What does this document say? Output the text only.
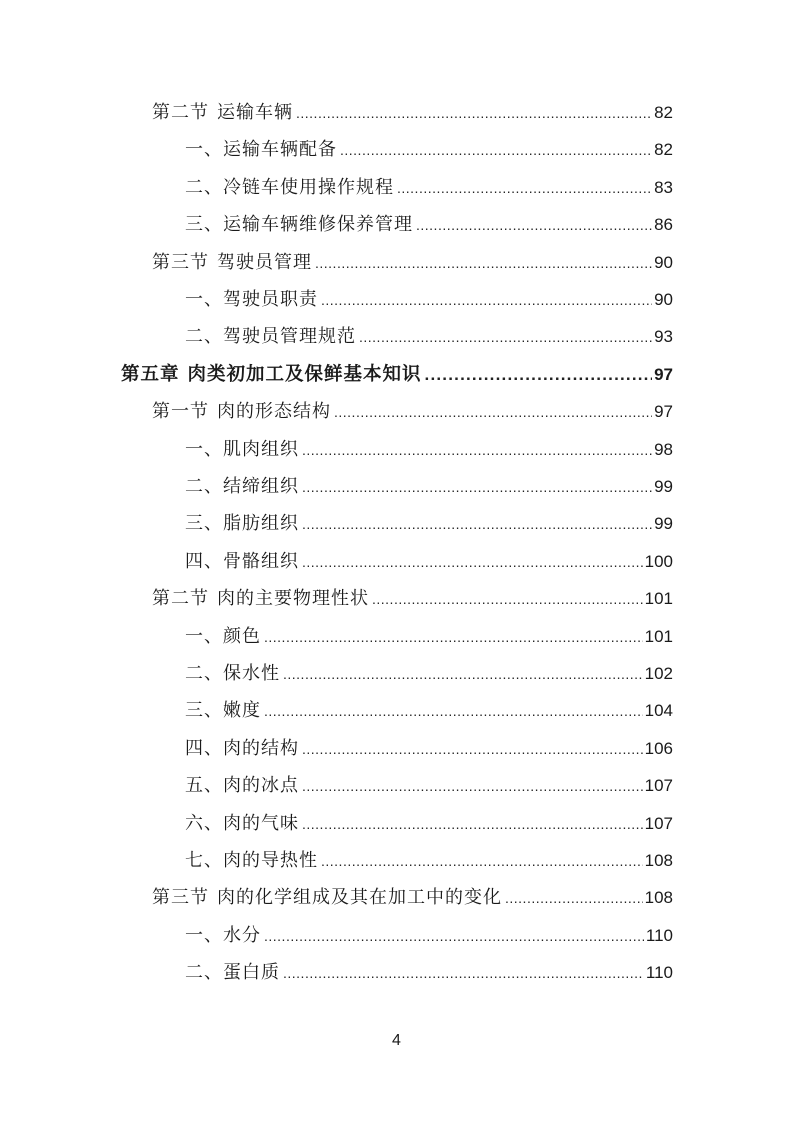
第二节 运输车辆 .....	82
一、运输车辆配备 .....	82
二、冷链车使用操作规程 .....	83
三、运输车辆维修保养管理 .....	86
第三节 驾驶员管理 .....	90
一、驾驶员职责 .....	90
二、驾驶员管理规范 .....	93
第五章 肉类初加工及保鲜基本知识 .....	97
第一节 肉的形态结构 .....	97
一、肌肉组织 .....	98
二、结缔组织 .....	99
三、脂肪组织 .....	99
四、骨骼组织 .....	100
第二节 肉的主要物理性状 .....	101
一、颜色 .....	101
二、保水性 .....	102
三、嫩度 .....	104
四、肉的结构 .....	106
五、肉的冰点 .....	107
六、肉的气味 .....	107
七、肉的导热性 .....	108
第三节 肉的化学组成及其在加工中的变化 .....	108
一、水分 .....	110
二、蛋白质 .....	110
4
